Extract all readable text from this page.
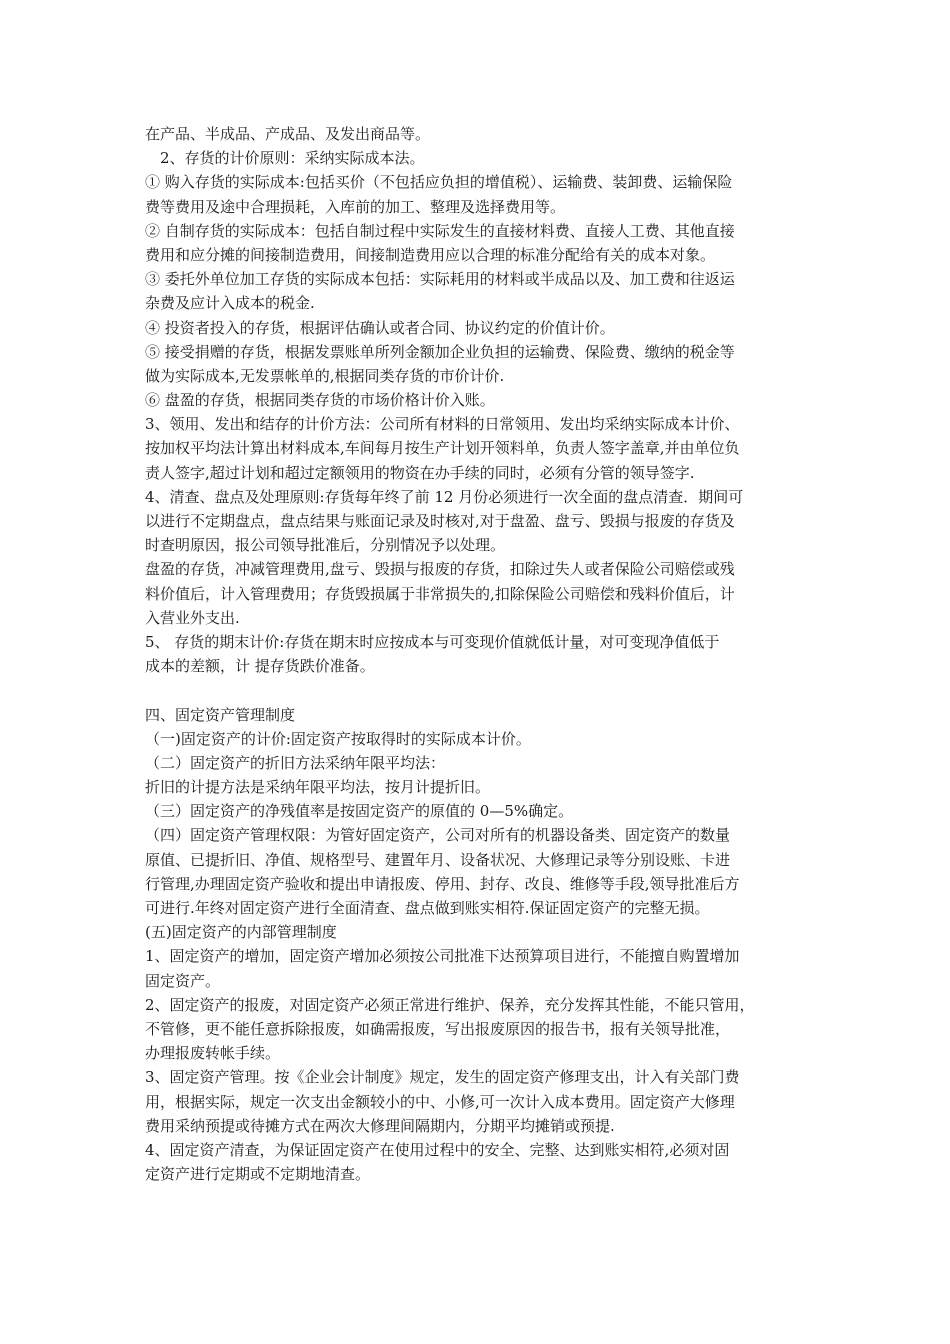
在产品、半成品、产成品、及发出商品等。
2、存货的计价原则：采纳实际成本法。
① 购入存货的实际成本:包括买价（不包括应负担的增值税）、运输费、装卸费、运输保险
费等费用及途中合理损耗，入库前的加工、整理及选择费用等。
② 自制存货的实际成本：包括自制过程中实际发生的直接材料费、直接人工费、其他直接
费用和应分摊的间接制造费用，间接制造费用应以合理的标准分配给有关的成本对象。
③ 委托外单位加工存货的实际成本包括：实际耗用的材料或半成品以及、加工费和往返运
杂费及应计入成本的税金.
④ 投资者投入的存货，根据评估确认或者合同、协议约定的价值计价。
⑤ 接受捐赠的存货，根据发票账单所列金额加企业负担的运输费、保险费、缴纳的税金等
做为实际成本,无发票帐单的,根据同类存货的市价计价.
⑥ 盘盈的存货，根据同类存货的市场价格计价入账。
3、领用、发出和结存的计价方法：公司所有材料的日常领用、发出均采纳实际成本计价、
按加权平均法计算出材料成本,车间每月按生产计划开领料单，负责人签字盖章,并由单位负
责人签字,超过计划和超过定额领用的物资在办手续的同时，必须有分管的领导签字.
4、清查、盘点及处理原则:存货每年终了前 12 月份必须进行一次全面的盘点清查．期间可
以进行不定期盘点，盘点结果与账面记录及时核对,对于盘盈、盘亏、毁损与报废的存货及
时查明原因，报公司领导批准后，分别情况予以处理。
盘盈的存货，冲减管理费用,盘亏、毁损与报废的存货，扣除过失人或者保险公司赔偿或残
料价值后，计入管理费用；存货毁损属于非常损失的,扣除保险公司赔偿和残料价值后，计
入营业外支出.
5、 存货的期末计价:存货在期末时应按成本与可变现价值就低计量，对可变现净值低于
成本的差额，计 提存货跌价准备。
四、固定资产管理制度
（一)固定资产的计价:固定资产按取得时的实际成本计价。
（二）固定资产的折旧方法采纳年限平均法：
折旧的计提方法是采纳年限平均法，按月计提折旧。
（三）固定资产的净残值率是按固定资产的原值的 0—5%确定。
（四）固定资产管理权限：为管好固定资产，公司对所有的机器设备类、固定资产的数量
原值、已提折旧、净值、规格型号、建置年月、设备状况、大修理记录等分别设账、卡进
行管理,办理固定资产验收和提出申请报废、停用、封存、改良、维修等手段,领导批准后方
可进行.年终对固定资产进行全面清查、盘点做到账实相符.保证固定资产的完整无损。
(五)固定资产的内部管理制度
1、固定资产的增加，固定资产增加必须按公司批准下达预算项目进行，不能擅自购置增加
固定资产。
2、固定资产的报废，对固定资产必须正常进行维护、保养，充分发挥其性能，不能只管用，
不管修，更不能任意拆除报废，如确需报废，写出报废原因的报告书，报有关领导批准，
办理报废转帐手续。
3、固定资产管理。按《企业会计制度》规定，发生的固定资产修理支出，计入有关部门费
用，根据实际，规定一次支出金额较小的中、小修,可一次计入成本费用。固定资产大修理
费用采纳预提或待摊方式在两次大修理间隔期内，分期平均摊销或预提.
4、固定资产清查，为保证固定资产在使用过程中的安全、完整、达到账实相符,必须对固
定资产进行定期或不定期地清查。
